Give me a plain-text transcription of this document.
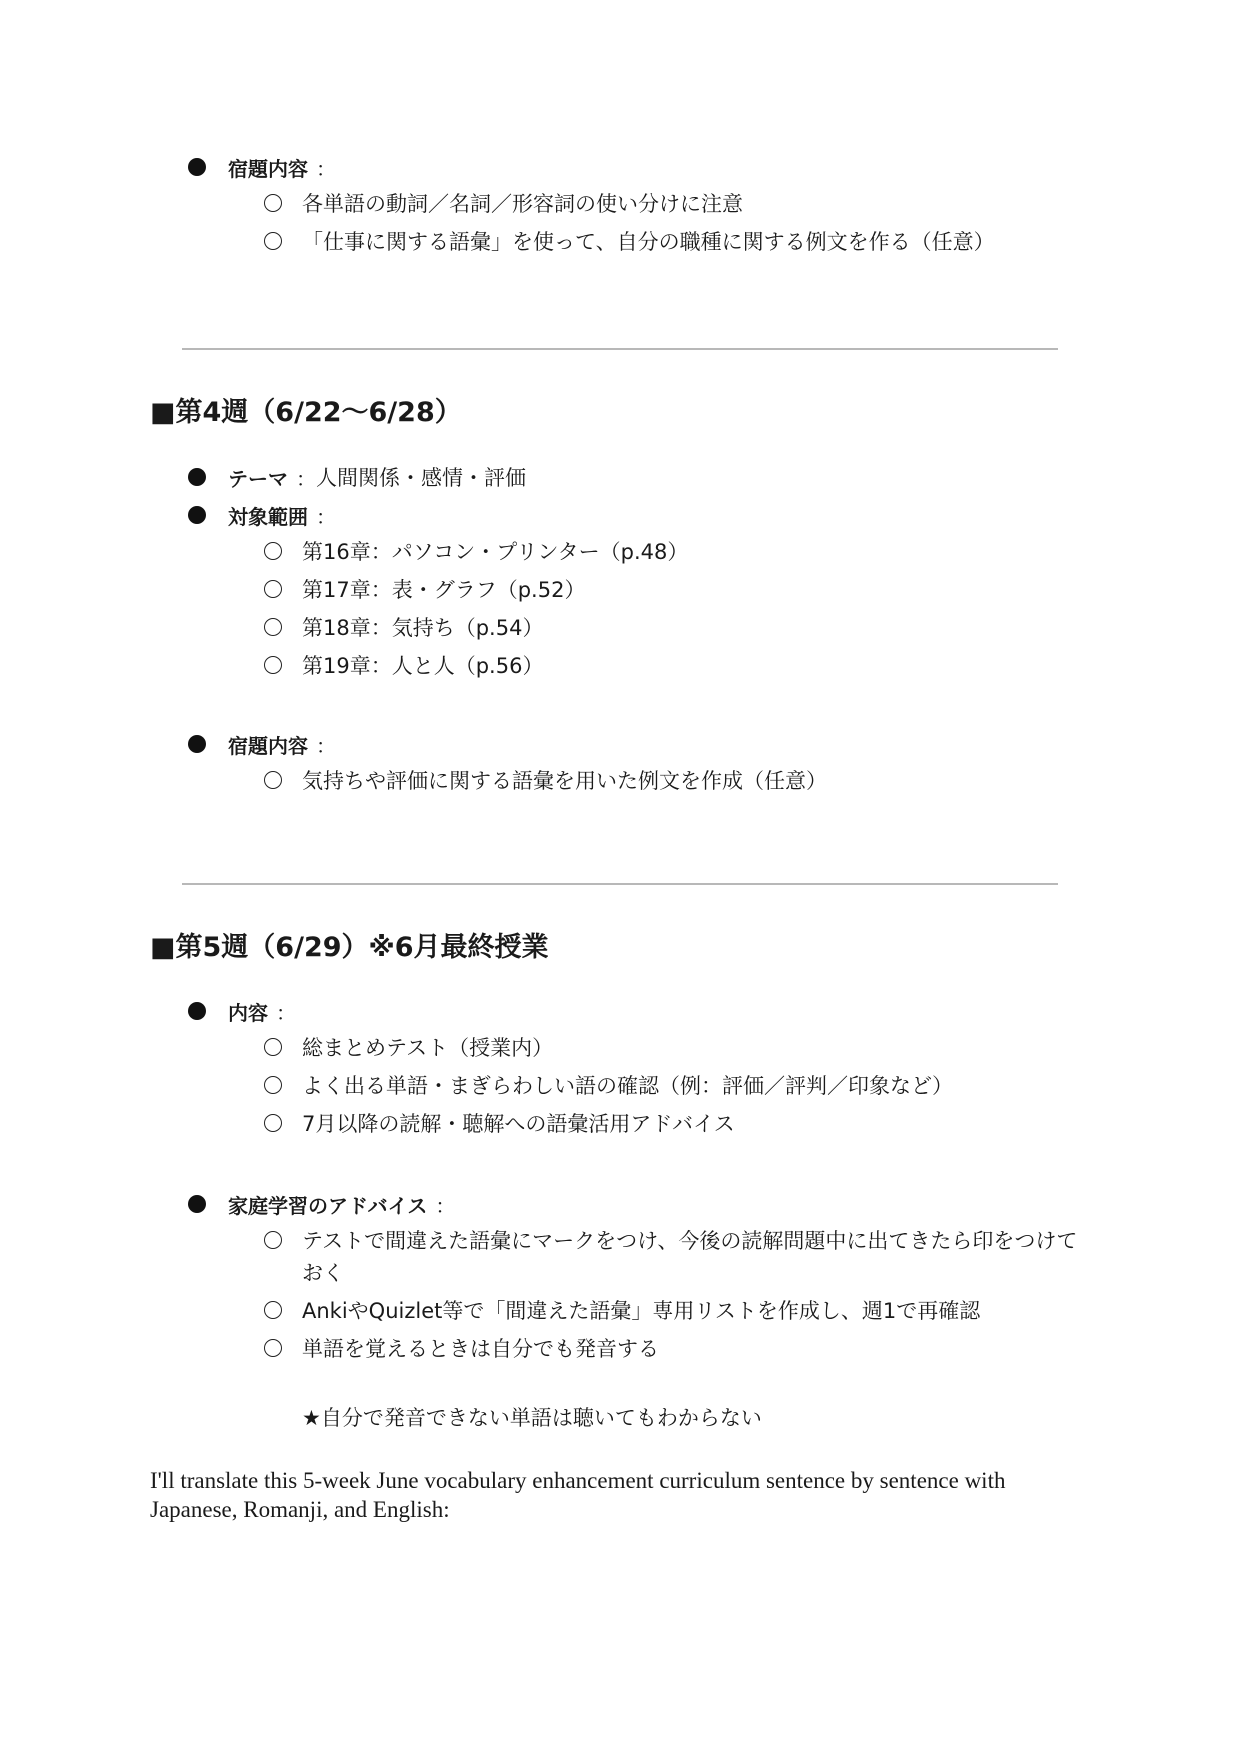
宿題内容 ：
各単語の動詞／名詞／形容詞の使い分けに注意
「仕事に関する語彙」を使って、自分の職種に関する例文を作る（任意）
■第4週（6/22〜6/28）
テーマ ： 人間関係・感情・評価
対象範囲 ：
第16章：パソコン・プリンター（p.48）
第17章：表・グラフ（p.52）
第18章：気持ち（p.54）
第19章：人と人（p.56）
宿題内容 ：
気持ちや評価に関する語彙を用いた例文を作成（任意）
■第5週（6/29）※6月最終授業
内容 ：
総まとめテスト（授業内）
よく出る単語・まぎらわしい語の確認（例：評価／評判／印象など）
7月以降の読解・聴解への語彙活用アドバイス
家庭学習のアドバイス ：
テストで間違えた語彙にマークをつけ、今後の読解問題中に出てきたら印をつけておく
AnkiやQuizlet等で「間違えた語彙」専用リストを作成し、週1で再確認
単語を覚えるときは自分でも発音する
★自分で発音できない単語は聴いてもわからない
I'll translate this 5-week June vocabulary enhancement curriculum sentence by sentence with Japanese, Romanji, and English:
